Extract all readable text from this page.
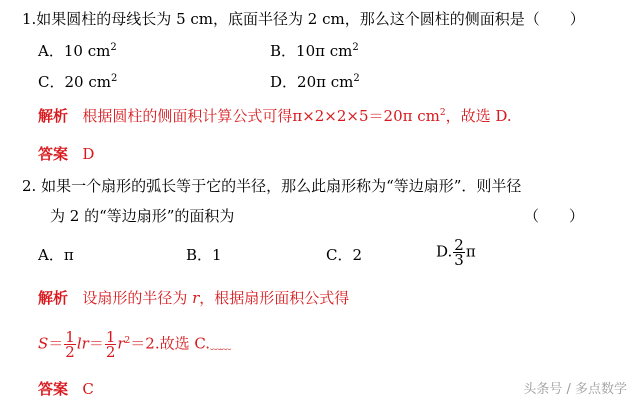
1.如果圆柱的母线长为 5 cm，底面半径为 2 cm，那么这个圆柱的侧面积是（　　）
A．10 $cm^2$	B．10π $cm^2$
C．20 $cm^2$	D．20π $cm^2$
解析 根据圆柱的侧面积计算公式可得π×2×2×5＝20π $cm^2$，故选 D.
答案 D
2. 如果一个扇形的弧长等于它的半径，那么此扇形称为“等边扇形”．则半径
为 2 的“等边扇形”的面积为	（　　）
A．π	B．1	C．2	D. $\frac{2}{3}$ π
解析 设扇形的半径为 r，根据扇形面积公式得
$S= \frac{1}{2} lr= \frac{1}{2} r^2=2$.故选 C.﹏﹏
答案 C	头条号 / 多点数学
